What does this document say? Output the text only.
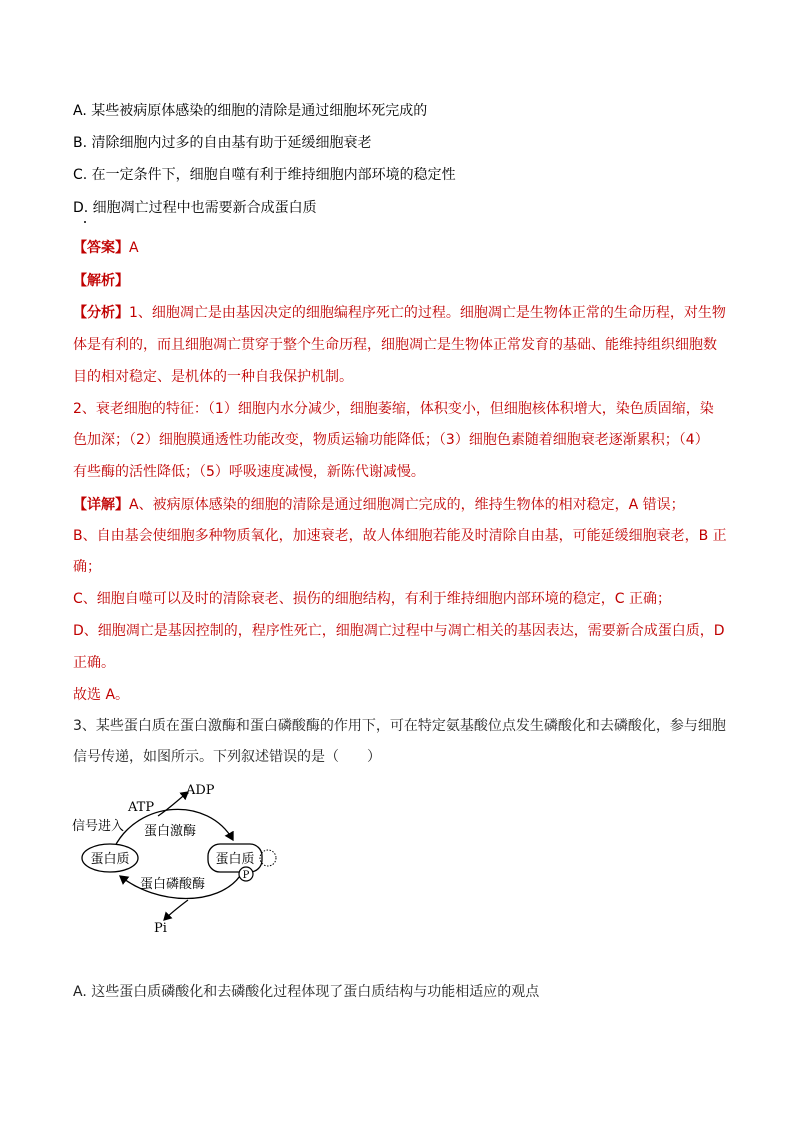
A. 某些被病原体感染的细胞的清除是通过细胞坏死完成的
B. 清除细胞内过多的自由基有助于延缓细胞衰老
C. 在一定条件下，细胞自噬有利于维持细胞内部环境的稳定性
D. 细胞凋亡过程中也需要新合成蛋白质
【答案】A
【解析】
【分析】1、细胞凋亡是由基因决定的细胞编程序死亡的过程。细胞凋亡是生物体正常的生命历程，对生物
体是有利的，而且细胞凋亡贯穿于整个生命历程，细胞凋亡是生物体正常发育的基础、能维持组织细胞数
目的相对稳定、是机体的一种自我保护机制。
2、衰老细胞的特征：（1）细胞内水分减少，细胞萎缩，体积变小，但细胞核体积增大，染色质固缩，染
色加深；（2）细胞膜通透性功能改变，物质运输功能降低；（3）细胞色素随着细胞衰老逐渐累积；（4）
有些酶的活性降低；（5）呼吸速度减慢，新陈代谢减慢。
【详解】A、被病原体感染的细胞的清除是通过细胞凋亡完成的，维持生物体的相对稳定，A 错误；
B、自由基会使细胞多种物质氧化，加速衰老，故人体细胞若能及时清除自由基，可能延缓细胞衰老，B 正
确；
C、细胞自噬可以及时的清除衰老、损伤的细胞结构，有利于维持细胞内部环境的稳定，C 正确；
D、细胞凋亡是基因控制的，程序性死亡，细胞凋亡过程中与凋亡相关的基因表达，需要新合成蛋白质，D
正确。
故选 A。
3、某些蛋白质在蛋白激酶和蛋白磷酸酶的作用下，可在特定氨基酸位点发生磷酸化和去磷酸化，参与细胞
信号传递，如图所示。下列叙述错误的是（　　）
P
ADP
ATP
信号进入 蛋白激酶
蛋白质	蛋白质
蛋白磷酸酶
Pi
A. 这些蛋白质磷酸化和去磷酸化过程体现了蛋白质结构与功能相适应的观点
